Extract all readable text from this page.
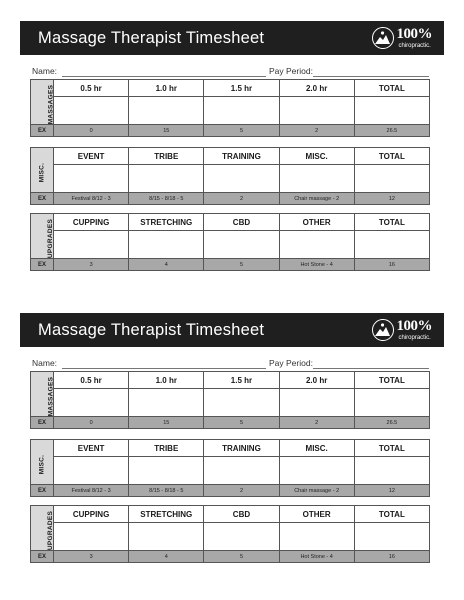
Massage Therapist Timesheet	100%
chiropractic.
Name:	Pay Period:
MASSAGES	0.5 hr	1.0 hr	1.5 hr	2.0 hr	TOTAL

EX	0	15	5	2	26.5
MISC.	EVENT	TRIBE	TRAINING	MISC.	TOTAL

EX	Festival 8/12 - 3	8/15 - 8/18 - 5	2	Chair massage - 2	12
UPGRADES	CUPPING	STRETCHING	CBD	OTHER	TOTAL

EX	3	4	5	Hot Stone - 4	16
Massage Therapist Timesheet	100%
chiropractic.
Name:	Pay Period:
MASSAGES	0.5 hr	1.0 hr	1.5 hr	2.0 hr	TOTAL

EX	0	15	5	2	26.5
MISC.	EVENT	TRIBE	TRAINING	MISC.	TOTAL

EX	Festival 8/12 - 3	8/15 - 8/18 - 5	2	Chair massage - 2	12
UPGRADES	CUPPING	STRETCHING	CBD	OTHER	TOTAL

EX	3	4	5	Hot Stone - 4	16
